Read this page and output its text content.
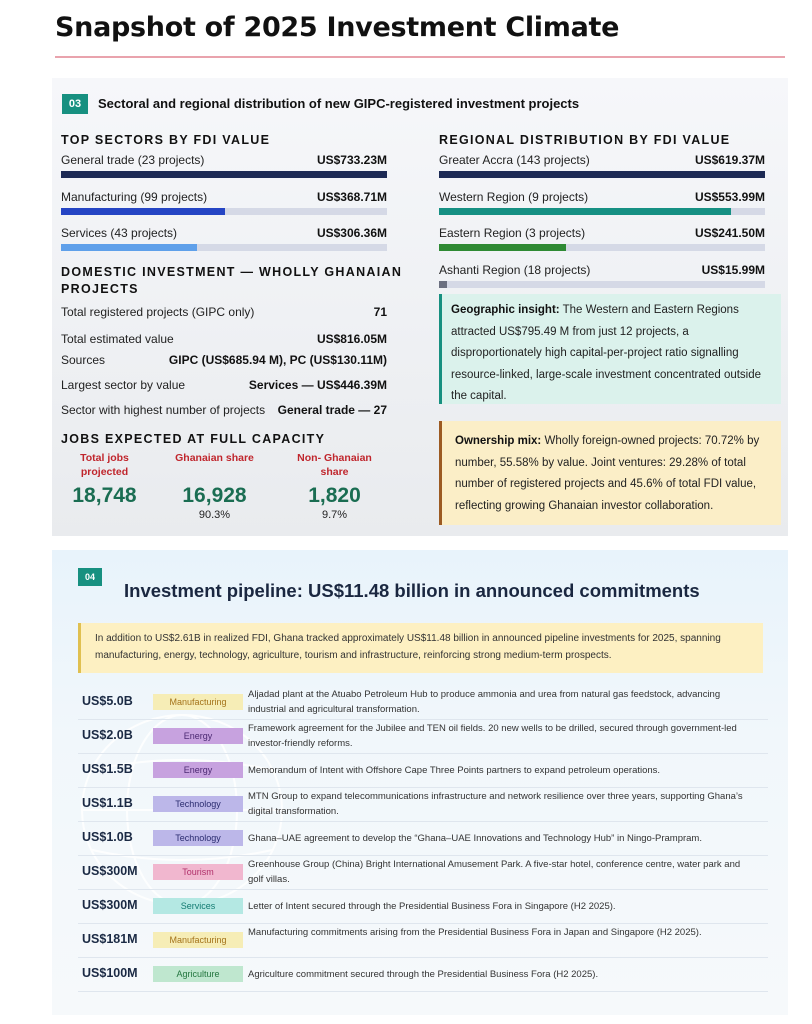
Snapshot of 2025 Investment Climate
03	Sectoral and regional distribution of new GIPC-registered investment projects
TOP SECTORS BY FDI VALUE
General trade (23 projects)	US$733.23M
Manufacturing (99 projects)	US$368.71M
Services (43 projects)	US$306.36M
DOMESTIC INVESTMENT — WHOLLY GHANAIAN
PROJECTS
Total registered projects (GIPC only)	71
Total estimated value	US$816.05M
Sources	GIPC (US$685.94 M), PC (US$130.11M)
Largest sector by value	Services — US$446.39M
Sector with highest number of projects General trade — 27
JOBS EXPECTED AT FULL CAPACITY
Total jobs projected
18,748
Ghanaian share
16,928
90.3%
Non- Ghanaian share
1,820
9.7%
REGIONAL DISTRIBUTION BY FDI VALUE
Greater Accra (143 projects)	US$619.37M
Western Region (9 projects)	US$553.99M
Eastern Region (3 projects)	US$241.50M
Ashanti Region (18 projects)	US$15.99M
Geographic insight: The Western and Eastern Regions attracted US$795.49 M from just 12 projects, a disproportionately high capital-per-project ratio signalling resource-linked, large-scale investment concentrated outside the capital.
Ownership mix: Wholly foreign-owned projects: 70.72% by number, 55.58% by value. Joint ventures: 29.28% of total number of registered projects and 45.6% of total FDI value, reflecting growing Ghanaian investor collaboration.
04
Investment pipeline: US$11.48 billion in announced commitments
In addition to US$2.61B in realized FDI, Ghana tracked approximately US$11.48 billion in announced pipeline investments for 2025, spanning manufacturing, energy, technology, agriculture, tourism and infrastructure, reinforcing strong medium-term prospects.
US$5.0B	Manufacturing
Aljadad plant at the Atuabo Petroleum Hub to produce ammonia and urea from natural gas feedstock, advancing industrial and agricultural transformation.
US$2.0B	Energy
Framework agreement for the Jubilee and TEN oil fields. 20 new wells to be drilled, secured through government-led investor-friendly reforms.
US$1.5B	Energy	Memorandum of Intent with Offshore Cape Three Points partners to expand petroleum operations.
US$1.1B	Technology
MTN Group to expand telecommunications infrastructure and network resilience over three years, supporting Ghana’s digital transformation.
US$1.0B	Technology	Ghana–UAE agreement to develop the “Ghana–UAE Innovations and Technology Hub” in Ningo-Prampram.
US$300M	Tourism
Greenhouse Group (China) Bright International Amusement Park. A five-star hotel, conference centre, water park and golf villas.
US$300M	Services	Letter of Intent secured through the Presidential Business Fora in Singapore (H2 2025).
US$181M	Manufacturing
Manufacturing commitments arising from the Presidential Business Fora in Japan and Singapore (H2 2025).
US$100M	Agriculture	Agriculture commitment secured through the Presidential Business Fora (H2 2025).
